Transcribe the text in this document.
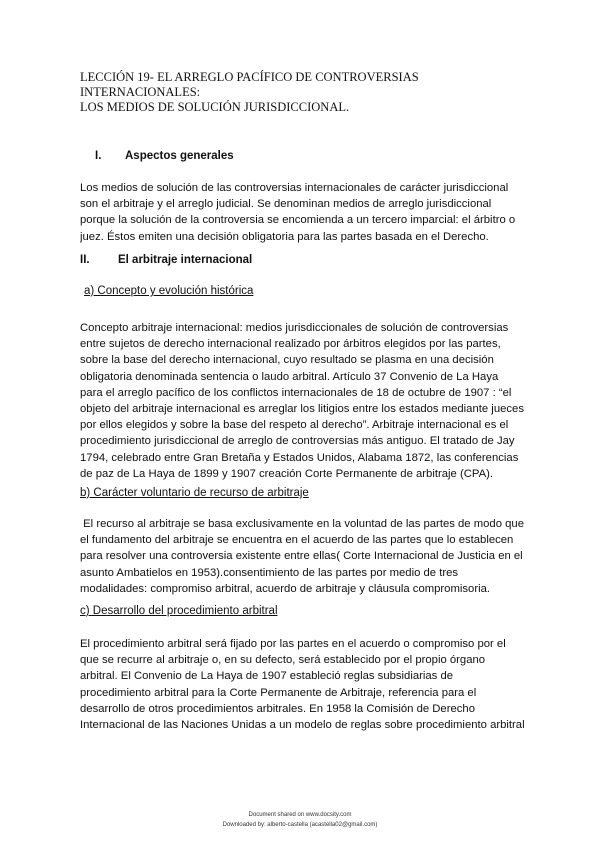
LECCIÓN 19- EL ARREGLO PACÍFICO DE CONTROVERSIAS
INTERNACIONALES:
LOS MEDIOS DE SOLUCIÓN JURISDICCIONAL.
I. Aspectos generales
Los medios de solución de las controversias internacionales de carácter jurisdiccional
son el arbitraje y el arreglo judicial. Se denominan medios de arreglo jurisdiccional
porque la solución de la controversia se encomienda a un tercero imparcial: el árbitro o
juez. Éstos emiten una decisión obligatoria para las partes basada en el Derecho.
II. El arbitraje internacional
a) Concepto y evolución histórica
Concepto arbitraje internacional: medios jurisdiccionales de solución de controversias
entre sujetos de derecho internacional realizado por árbitros elegidos por las partes,
sobre la base del derecho internacional, cuyo resultado se plasma en una decisión
obligatoria denominada sentencia o laudo arbitral. Artículo 37 Convenio de La Haya
para el arreglo pacífico de los conflictos internacionales de 18 de octubre de 1907 : “el
objeto del arbitraje internacional es arreglar los litigios entre los estados mediante jueces
por ellos elegidos y sobre la base del respeto al derecho”. Arbitraje internacional es el
procedimiento jurisdiccional de arreglo de controversias más antiguo. El tratado de Jay
1794, celebrado entre Gran Bretaña y Estados Unidos, Alabama 1872, las conferencias
de paz de La Haya de 1899 y 1907 creación Corte Permanente de arbitraje (CPA).
b) Carácter voluntario de recurso de arbitraje
El recurso al arbitraje se basa exclusivamente en la voluntad de las partes de modo que
el fundamento del arbitraje se encuentra en el acuerdo de las partes que lo establecen
para resolver una controversia existente entre ellas( Corte Internacional de Justicia en el
asunto Ambatielos en 1953).consentimiento de las partes por medio de tres
modalidades: compromiso arbitral, acuerdo de arbitraje y cláusula compromisoria.
c) Desarrollo del procedimiento arbitral
El procedimiento arbitral será fijado por las partes en el acuerdo o compromiso por el
que se recurre al arbitraje o, en su defecto, será establecido por el propio órgano
arbitral. El Convenio de La Haya de 1907 estableció reglas subsidiarias de
procedimiento arbitral para la Corte Permanente de Arbitraje, referencia para el
desarrollo de otros procedimientos arbitrales. En 1958 la Comisión de Derecho
Internacional de las Naciones Unidas a un modelo de reglas sobre procedimiento arbitral
Document shared on www.docsity.com
Downloaded by: alberto-castella (acastella02@gmail.com)
